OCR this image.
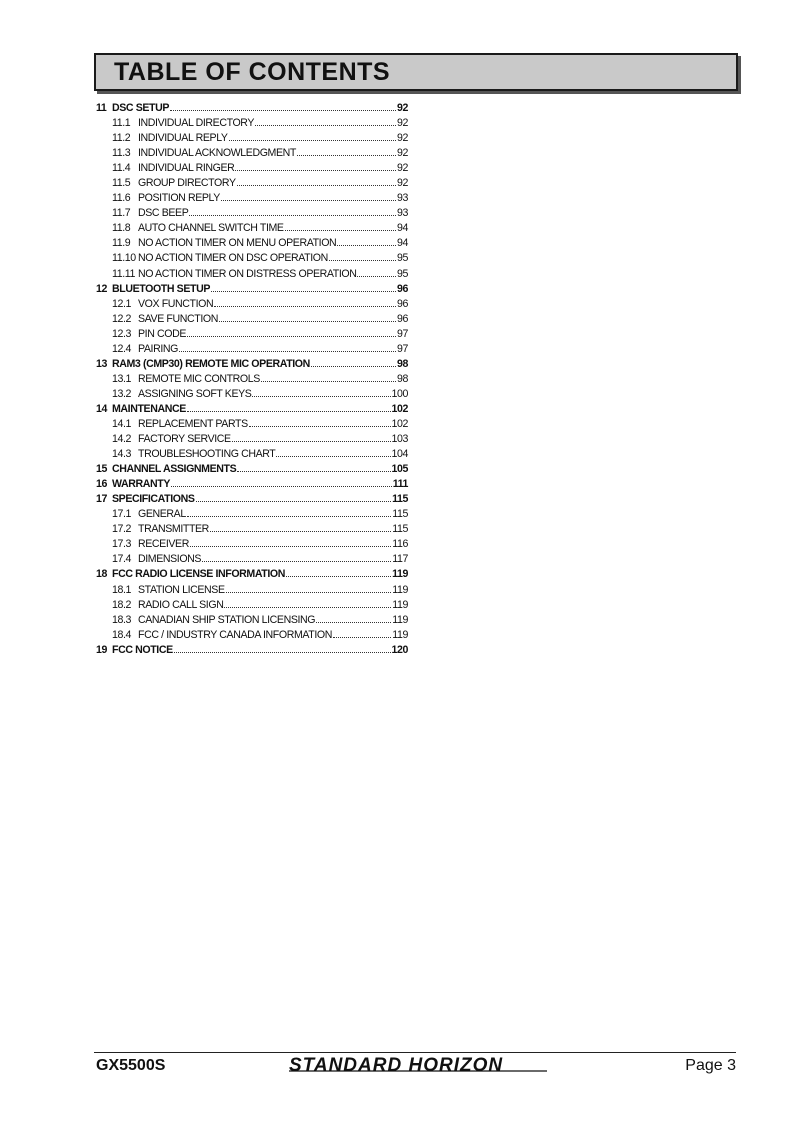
TABLE OF CONTENTS
11 DSC SETUP	92
11.1 INDIVIDUAL DIRECTORY	92
11.2 INDIVIDUAL REPLY	92
11.3 INDIVIDUAL ACKNOWLEDGMENT	92
11.4 INDIVIDUAL RINGER	92
11.5 GROUP DIRECTORY	92
11.6 POSITION REPLY	93
11.7 DSC BEEP	93
11.8 AUTO CHANNEL SWITCH TIME	94
11.9 NO ACTION TIMER ON MENU OPERATION	94
11.10 NO ACTION TIMER ON DSC OPERATION	95
11.11 NO ACTION TIMER ON DISTRESS OPERATION	95
12 BLUETOOTH SETUP	96
12.1 VOX FUNCTION	96
12.2 SAVE FUNCTION	96
12.3 PIN CODE	97
12.4 PAIRING	97
13 RAM3 (CMP30) REMOTE MIC OPERATION	98
13.1 REMOTE MIC CONTROLS	98
13.2 ASSIGNING SOFT KEYS	100
14 MAINTENANCE	102
14.1 REPLACEMENT PARTS	102
14.2 FACTORY SERVICE	103
14.3 TROUBLESHOOTING CHART	104
15 CHANNEL ASSIGNMENTS	105
16 WARRANTY	111
17 SPECIFICATIONS	115
17.1 GENERAL	115
17.2 TRANSMITTER	115
17.3 RECEIVER	116
17.4 DIMENSIONS	117
18 FCC RADIO LICENSE INFORMATION	119
18.1 STATION LICENSE	119
18.2 RADIO CALL SIGN	119
18.3 CANADIAN SHIP STATION LICENSING	119
18.4 FCC / INDUSTRY CANADA INFORMATION	119
19 FCC NOTICE	120
GX5500S	STANDARD HORIZON	Page 3
